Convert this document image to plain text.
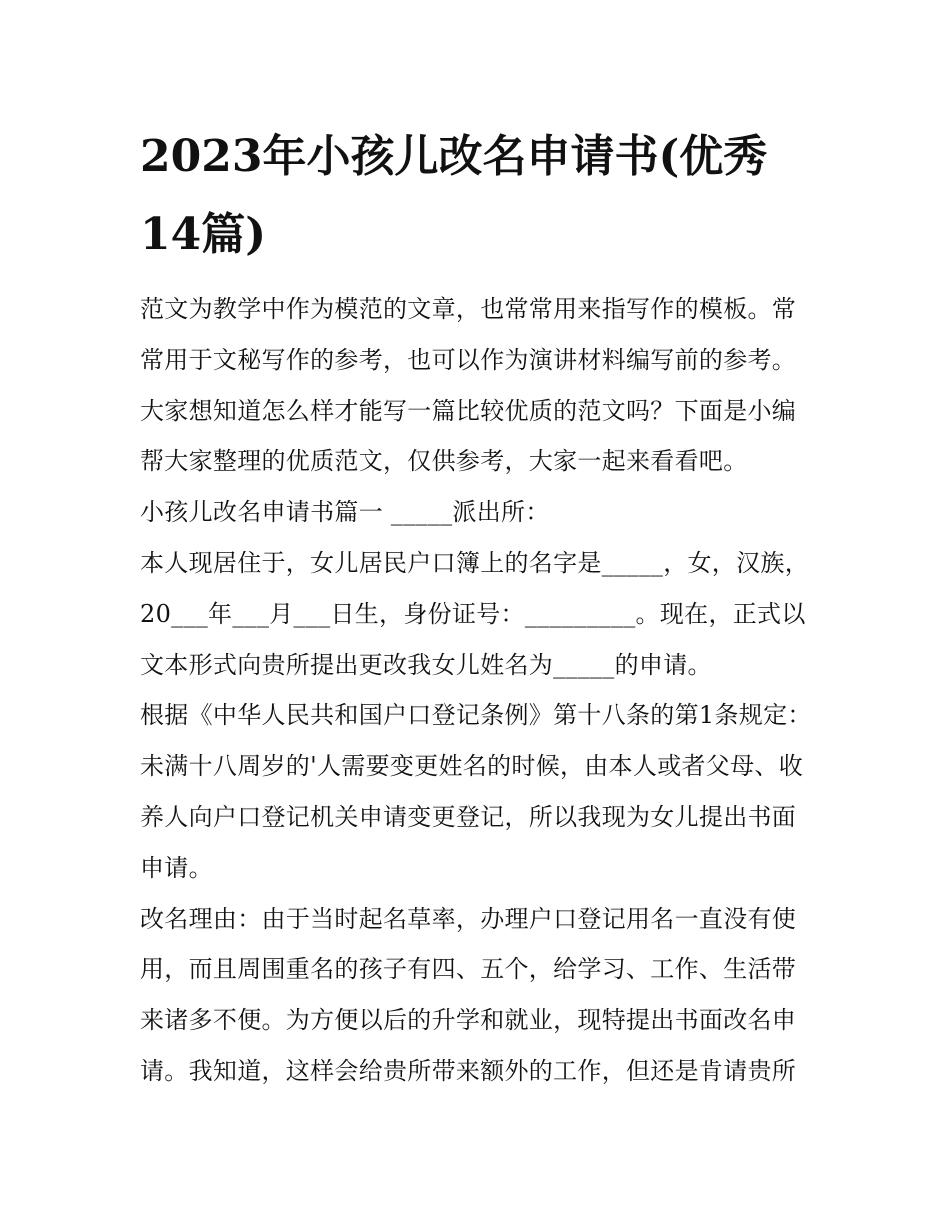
2023年小孩儿改名申请书(优秀14篇)

范文为教学中作为模范的文章，也常常用来指写作的模板。常常用于文秘写作的参考，也可以作为演讲材料编写前的参考。大家想知道怎么样才能写一篇比较优质的范文吗？下面是小编帮大家整理的优质范文，仅供参考，大家一起来看看吧。

小孩儿改名申请书篇一 _____派出所：

本人现居住于，女儿居民户口簿上的名字是_____，女，汉族，20___年___月___日生，身份证号：_________。现在，正式以文本形式向贵所提出更改我女儿姓名为_____的申请。

根据《中华人民共和国户口登记条例》第十八条的第1条规定：未满十八周岁的'人需要变更姓名的时候，由本人或者父母、收养人向户口登记机关申请变更登记，所以我现为女儿提出书面申请。

改名理由：由于当时起名草率，办理户口登记用名一直没有使用，而且周围重名的孩子有四、五个，给学习、工作、生活带来诸多不便。为方便以后的升学和就业，现特提出书面改名申请。我知道，这样会给贵所带来额外的工作，但还是肯请贵所
